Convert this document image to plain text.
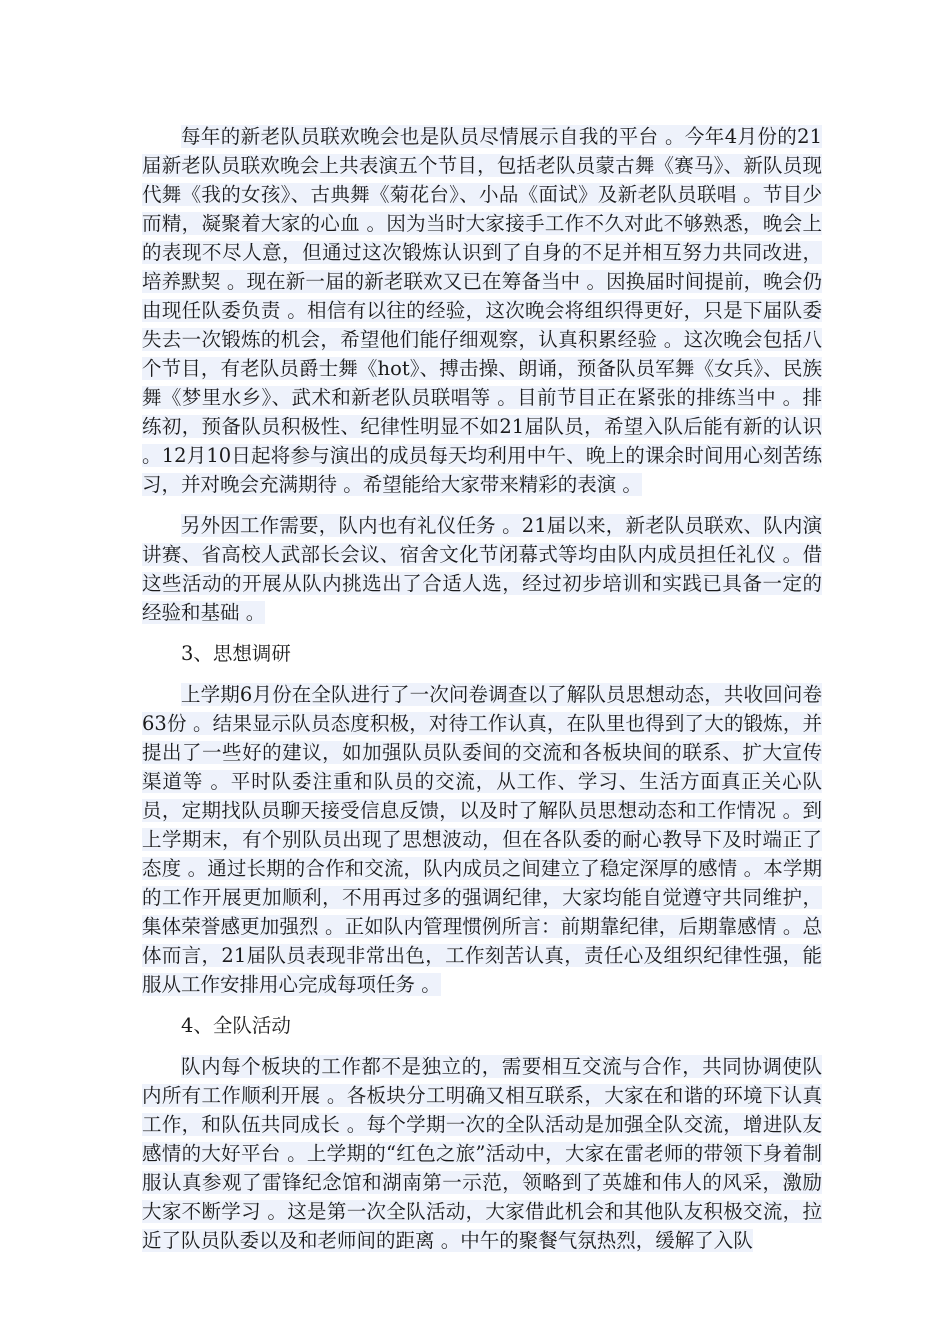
每年的新老队员联欢晚会也是队员尽情展示自我的平台 。今年4月份的21届新老队员联欢晚会上共表演五个节目，包括老队员蒙古舞《赛马》、新队员现代舞《我的女孩》、古典舞《菊花台》、小品《面试》及新老队员联唱 。节目少而精，凝聚着大家的心血 。因为当时大家接手工作不久对此不够熟悉，晚会上的表现不尽人意，但通过这次锻炼认识到了自身的不足并相互努力共同改进，培养默契 。现在新一届的新老联欢又已在筹备当中 。因换届时间提前，晚会仍由现任队委负责 。相信有以往的经验，这次晚会将组织得更好，只是下届队委失去一次锻炼的机会，希望他们能仔细观察，认真积累经验 。这次晚会包括八个节目，有老队员爵士舞《hot》、搏击操、朗诵，预备队员军舞《女兵》、民族舞《梦里水乡》、武术和新老队员联唱等 。目前节目正在紧张的排练当中 。排练初，预备队员积极性、纪律性明显不如21届队员，希望入队后能有新的认识 。12月10日起将参与演出的成员每天均利用中午、晚上的课余时间用心刻苦练习，并对晚会充满期待 。希望能给大家带来精彩的表演 。

另外因工作需要，队内也有礼仪任务 。21届以来，新老队员联欢、队内演讲赛、省高校人武部长会议、宿舍文化节闭幕式等均由队内成员担任礼仪 。借这些活动的开展从队内挑选出了合适人选，经过初步培训和实践已具备一定的经验和基础 。

3、思想调研

上学期6月份在全队进行了一次问卷调查以了解队员思想动态，共收回问卷63份 。结果显示队员态度积极，对待工作认真，在队里也得到了大的锻炼，并提出了一些好的建议，如加强队员队委间的交流和各板块间的联系、扩大宣传渠道等 。平时队委注重和队员的交流，从工作、学习、生活方面真正关心队员，定期找队员聊天接受信息反馈，以及时了解队员思想动态和工作情况 。到上学期末，有个别队员出现了思想波动，但在各队委的耐心教导下及时端正了态度 。通过长期的合作和交流，队内成员之间建立了稳定深厚的感情 。本学期的工作开展更加顺利，不用再过多的强调纪律，大家均能自觉遵守共同维护，集体荣誉感更加强烈 。正如队内管理惯例所言：前期靠纪律，后期靠感情 。总体而言，21届队员表现非常出色，工作刻苦认真，责任心及组织纪律性强，能服从工作安排用心完成每项任务 。

4、全队活动

队内每个板块的工作都不是独立的，需要相互交流与合作，共同协调使队内所有工作顺利开展 。各板块分工明确又相互联系，大家在和谐的环境下认真工作，和队伍共同成长 。每个学期一次的全队活动是加强全队交流，增进队友感情的大好平台 。上学期的“红色之旅”活动中，大家在雷老师的带领下身着制服认真参观了雷锋纪念馆和湖南第一示范，领略到了英雄和伟人的风采，激励大家不断学习 。这是第一次全队活动，大家借此机会和其他队友积极交流，拉近了队员队委以及和老师间的距离 。中午的聚餐气氛热烈，缓解了入队
